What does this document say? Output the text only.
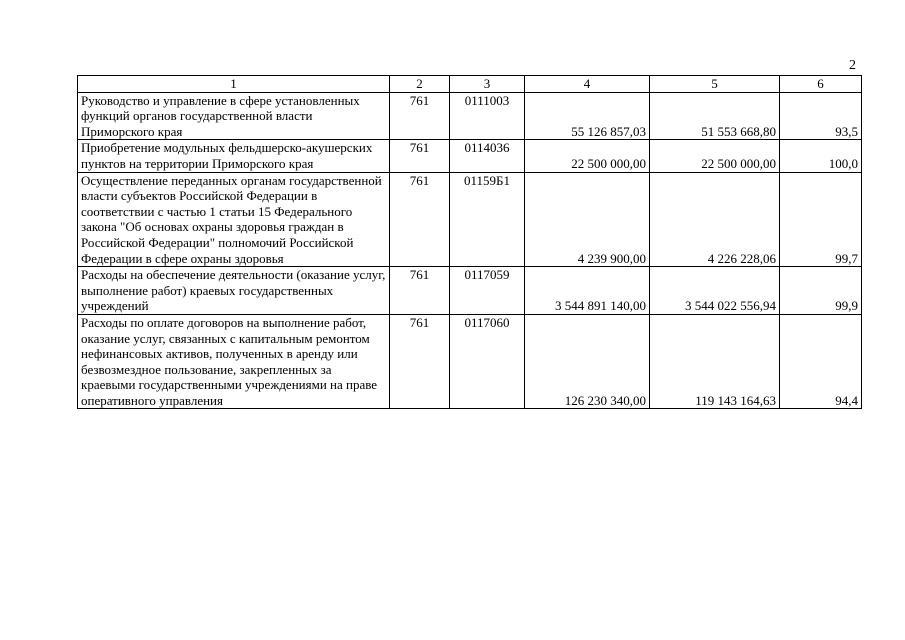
2
1	2	3	4	5	6
Руководство и управление в сфере установленных функций органов государственной власти Приморского края	761	0111003	55 126 857,03	51 553 668,80	93,5
Приобретение модульных фельдшерско-акушерских пунктов на территории Приморского края	761	0114036	22 500 000,00	22 500 000,00	100,0
Осуществление переданных органам государственной власти субъектов Российской Федерации в соответствии с частью 1 статьи 15 Федерального закона "Об основах охраны здоровья граждан в Российской Федерации" полномочий Российской Федерации в сфере охраны здоровья	761	01159Б1	4 239 900,00	4 226 228,06	99,7
Расходы на обеспечение деятельности (оказание услуг, выполнение работ) краевых государственных учреждений	761	0117059	3 544 891 140,00	3 544 022 556,94	99,9
Расходы по оплате договоров на выполнение работ, оказание услуг, связанных с капитальным ремонтом нефинансовых активов, полученных в аренду или безвозмездное пользование, закрепленных за краевыми государственными учреждениями на праве оперативного управления	761	0117060	126 230 340,00	119 143 164,63	94,4
